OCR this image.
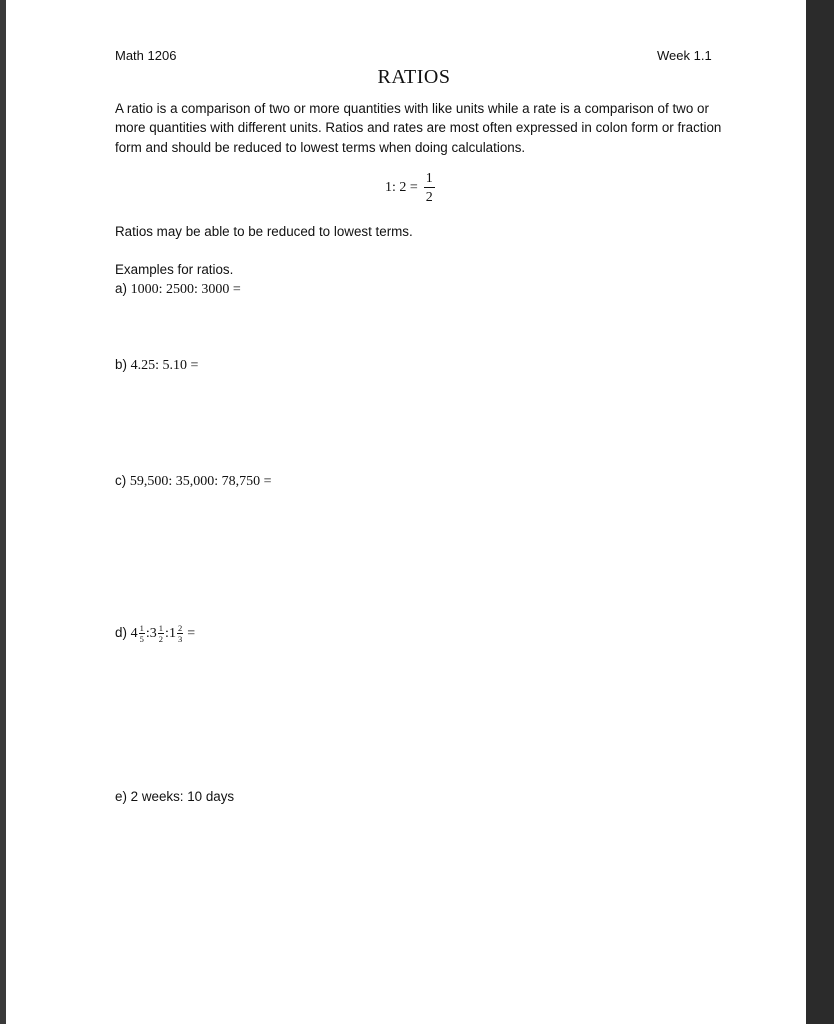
Math 1206	Week 1.1
RATIOS
A ratio is a comparison of two or more quantities with like units while a rate is a comparison of two or more quantities with different units. Ratios and rates are most often expressed in colon form or fraction form and should be reduced to lowest terms when doing calculations.
1: $2 = \frac{1}{2}$
Ratios may be able to be reduced to lowest terms.
Examples for ratios.
a) 1000: 2500: 3000 =
b) 4.25: 5.10 =
c) 59,500: 35,000: 78,750 =
d) $4 \frac{1}{5}$ : $3 \frac{1}{2}$ : $1 \frac{2}{3}$ =
e) 2 weeks: 10 days
